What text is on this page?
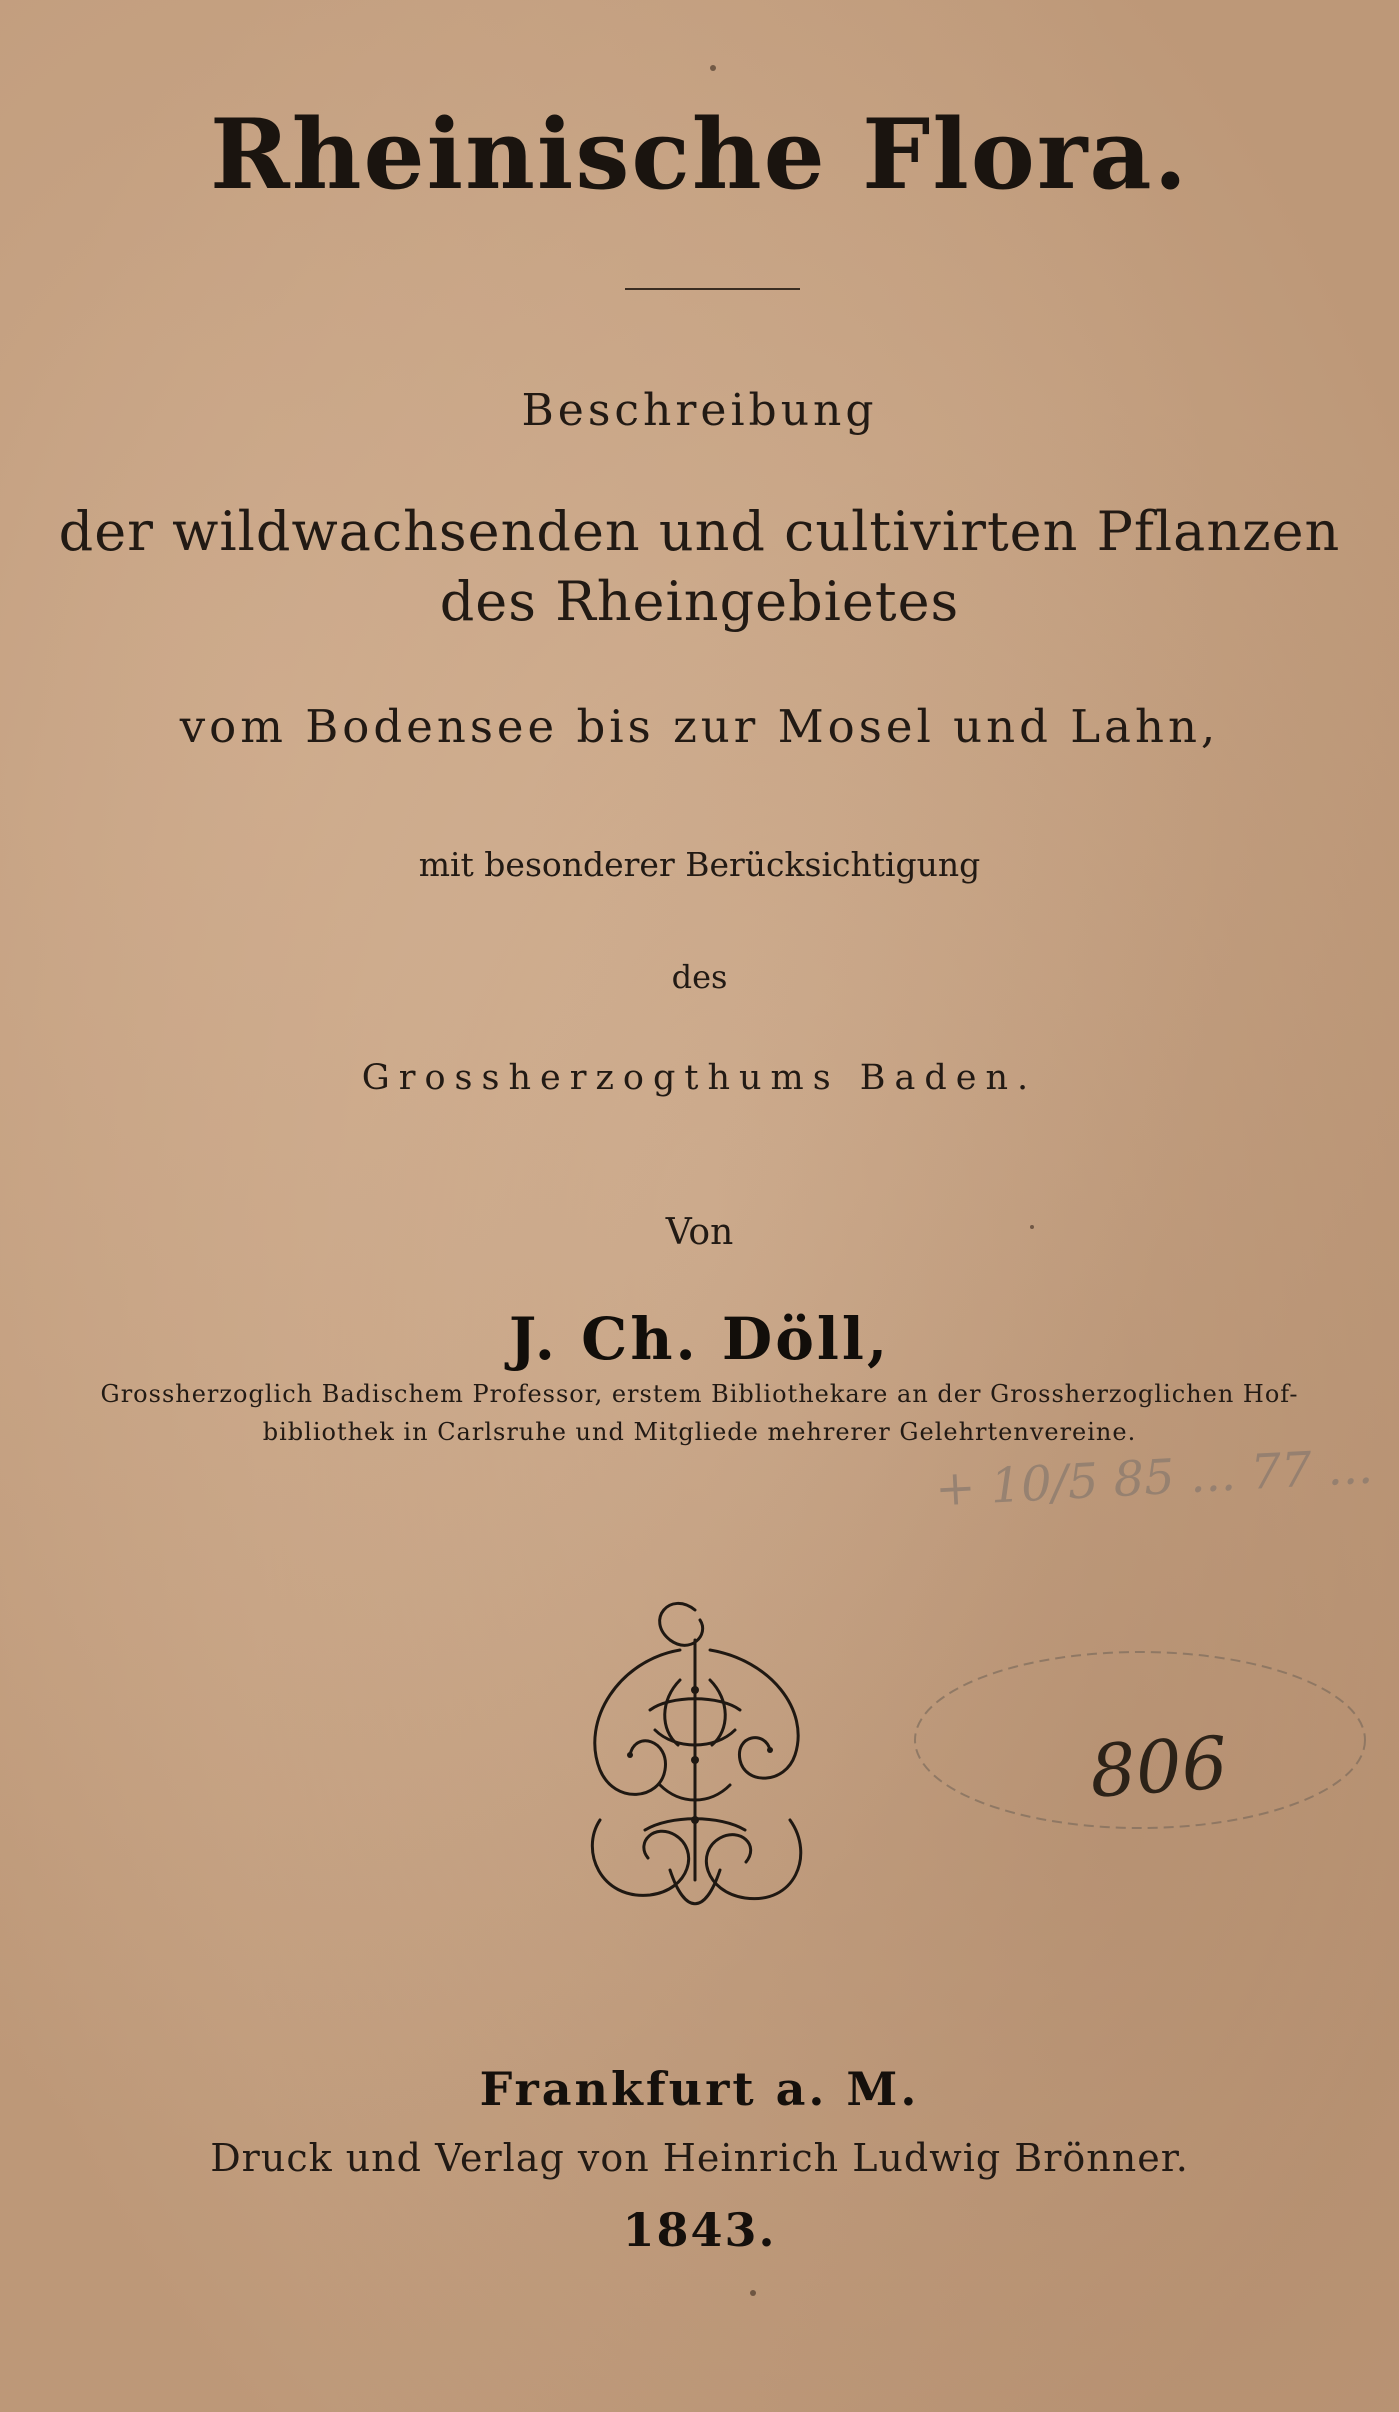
Rheinische Flora.
Beschreibung
der wildwachsenden und cultivirten Pflanzen
des Rheingebietes
vom Bodensee bis zur Mosel und Lahn,
mit besonderer Berücksichtigung
des
Grossherzogthums Baden.
Von
J. Ch. Döll,
Grossherzoglich Badischem Professor, erstem Bibliothekare an der Grossherzoglichen Hof-
bibliothek in Carlsruhe und Mitgliede mehrerer Gelehrtenvereine.
+ 10/5 85 ... 77 ...
806
Frankfurt a. M.
Druck und Verlag von Heinrich Ludwig Brönner.
1843.
